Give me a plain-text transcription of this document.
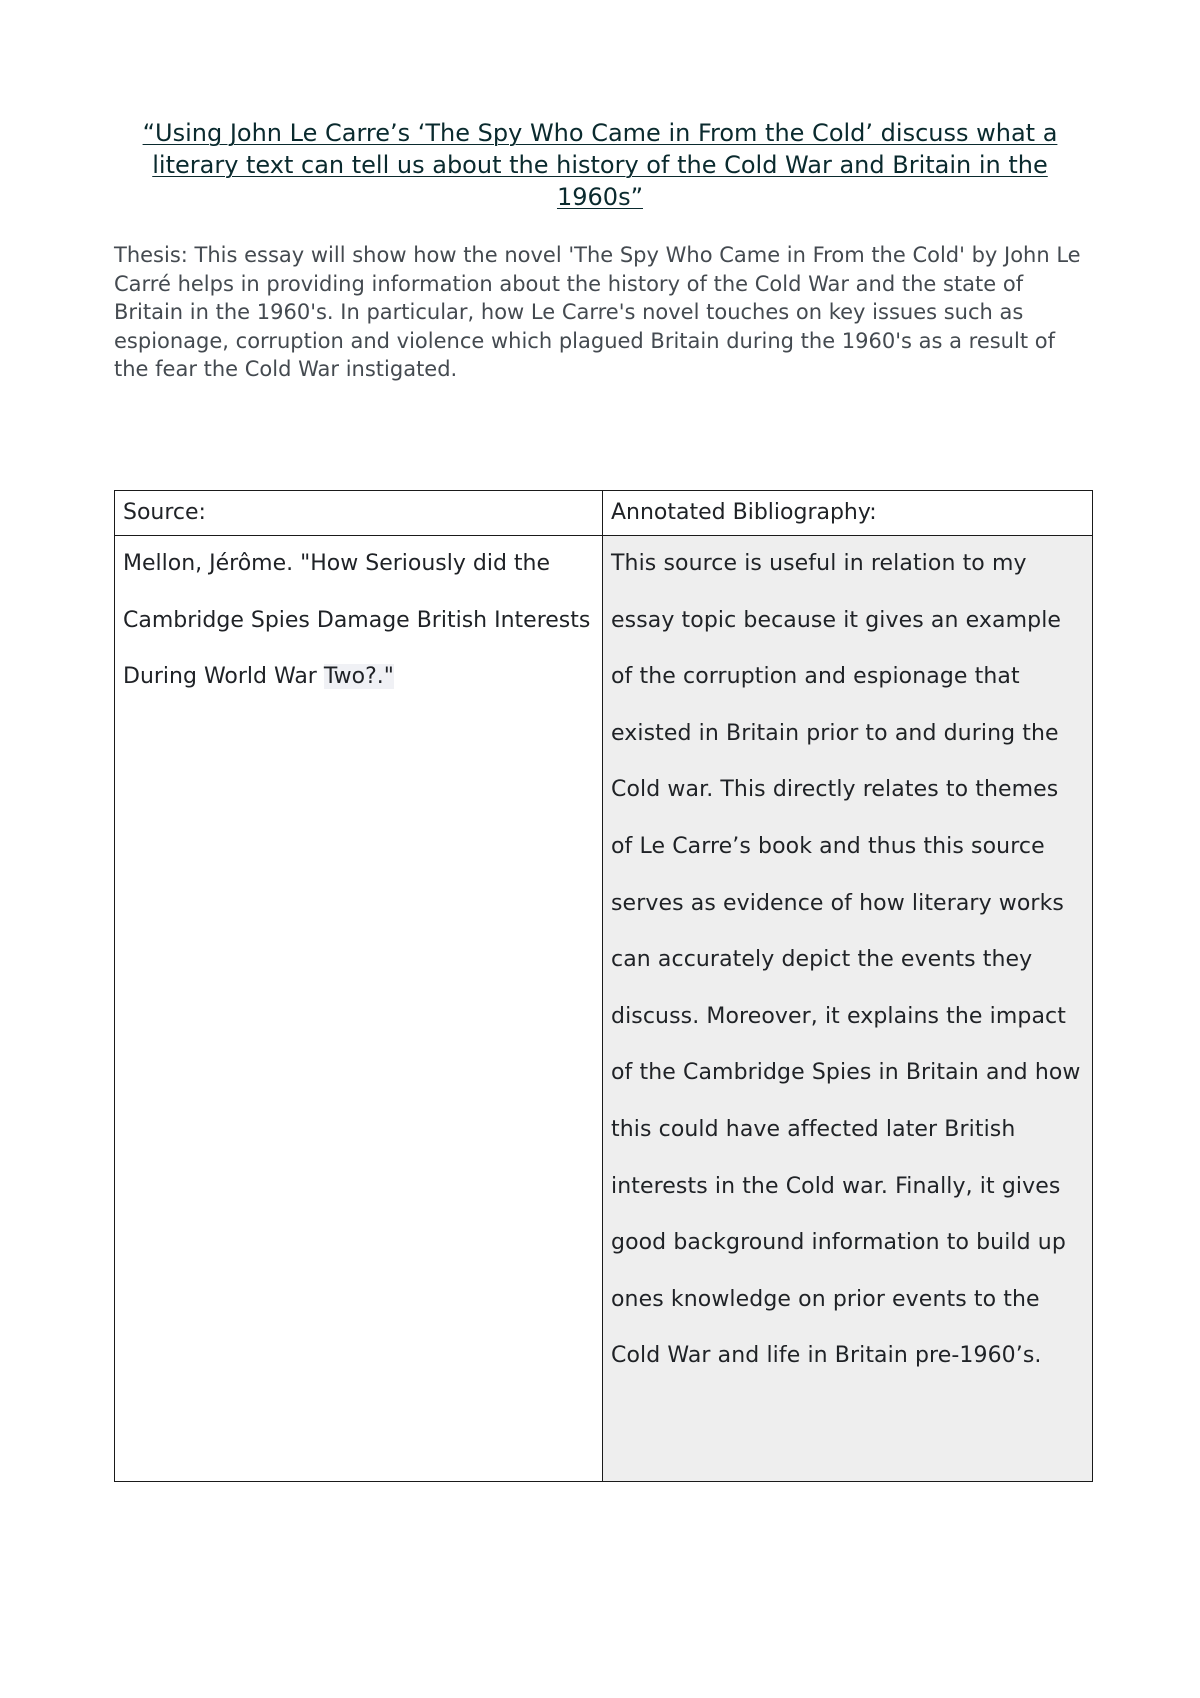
“Using John Le Carre’s ‘The Spy Who Came in From the Cold’ discuss what a literary text can tell us about the history of the Cold War and Britain in the 1960s”

Thesis: This essay will show how the novel 'The Spy Who Came in From the Cold' by John Le Carré helps in providing information about the history of the Cold War and the state of Britain in the 1960's. In particular, how Le Carre's novel touches on key issues such as espionage, corruption and violence which plagued Britain during the 1960's as a result of the fear the Cold War instigated.

Source:	Annotated Bibliography:
Mellon, Jérôme. "How Seriously did the Cambridge Spies Damage British Interests During World War Two?."	This source is useful in relation to my essay topic because it gives an example of the corruption and espionage that existed in Britain prior to and during the Cold war. This directly relates to themes of Le Carre’s book and thus this source serves as evidence of how literary works can accurately depict the events they discuss. Moreover, it explains the impact of the Cambridge Spies in Britain and how this could have affected later British interests in the Cold war. Finally, it gives good background information to build up ones knowledge on prior events to the Cold War and life in Britain pre-1960’s.
